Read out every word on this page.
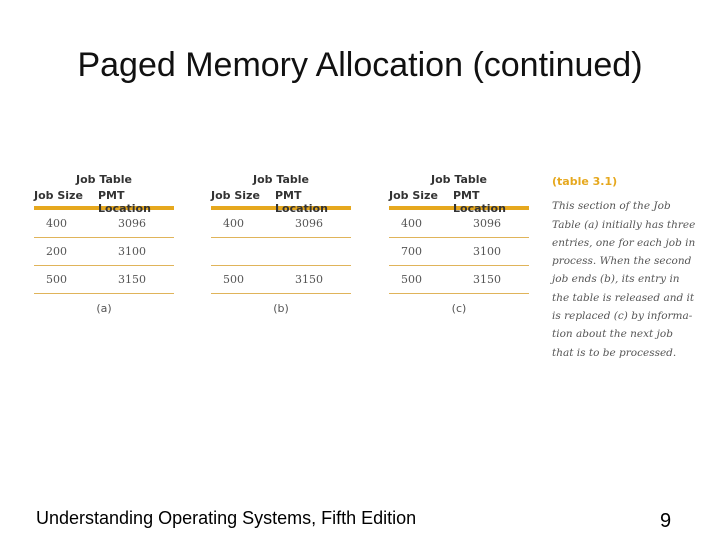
Paged Memory Allocation (continued)
Job Table
Job Size	PMT Location
400	3096
200	3100
500	3150
(a)
Job Table
Job Size	PMT Location
400	3096
500	3150
(b)
Job Table
Job Size	PMT Location
400	3096
700	3100
500	3150
(c)
(table 3.1)
This section of the Job
Table (a) initially has three
entries, one for each job in
process. When the second
job ends (b), its entry in
the table is released and it
is replaced (c) by informa-
tion about the next job
that is to be processed.
Understanding Operating Systems, Fifth Edition	9
